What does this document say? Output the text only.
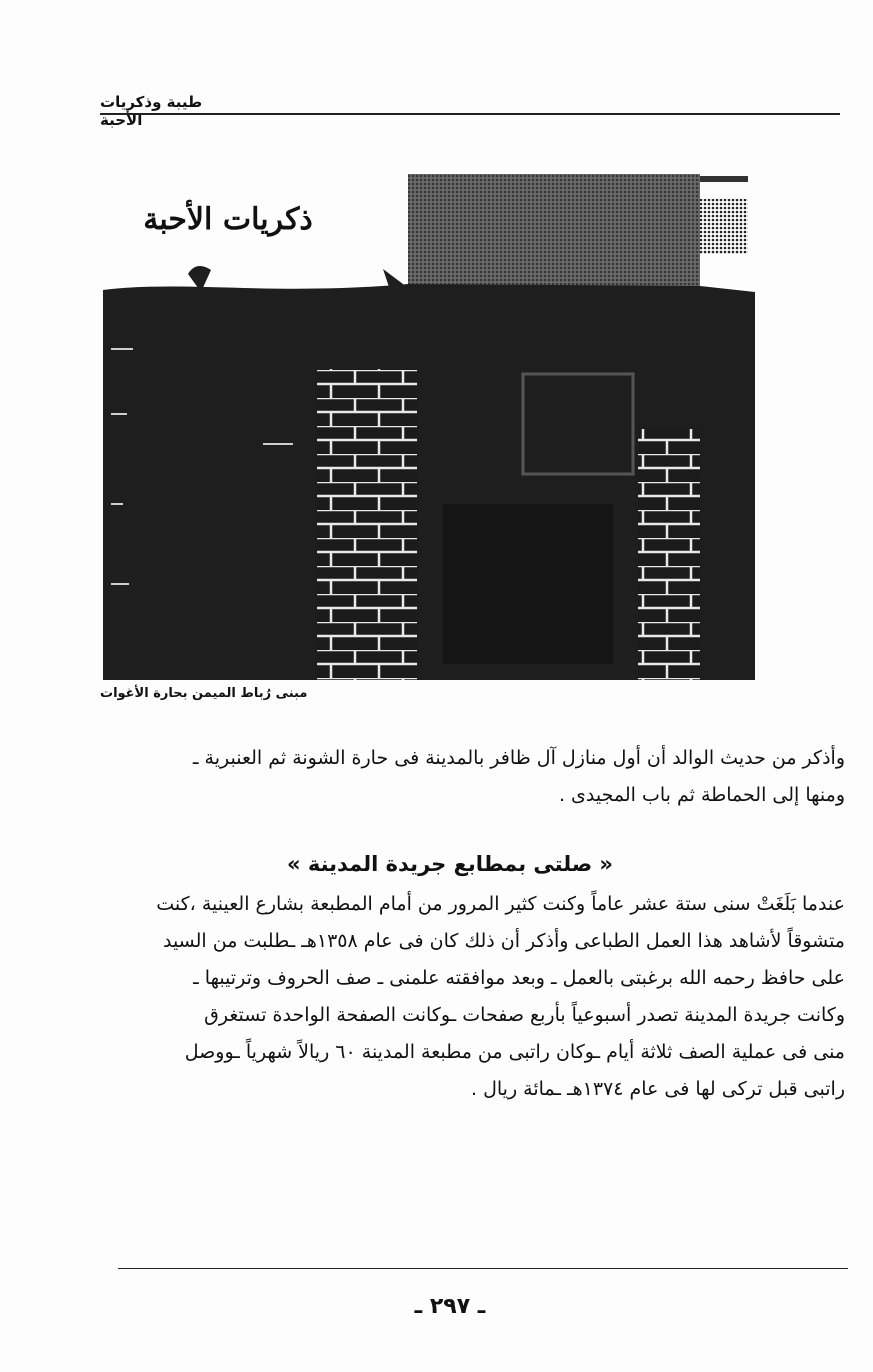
طيبة وذكريات الأحبة
ذكريات الأحبة
مبنى رُباط الميمن بحارة الأغوات
وأذكر من حديث الوالد أن أول منازل آل ظافر بالمدينة فى حارة الشونة ثم العنبرية ـ
ومنها إلى الحماطة ثم باب المجيدى .
« صلتى بمطابع جريدة المدينة »
عندما بَلَغَتْ سنى ستة عشر عاماً وكنت كثير المرور من أمام المطبعة بشارع العينية ،كنت
متشوقاً لأشاهد هذا العمل الطباعى وأذكر أن ذلك كان فى عام ١٣٥٨هـ ـطلبت من السيد
على حافظ رحمه الله برغبتى بالعمل ـ وبعد موافقته علمنى ـ صف الحروف وترتيبها ـ
وكانت جريدة المدينة تصدر أسبوعياً بأربع صفحات ـوكانت الصفحة الواحدة تستغرق
منى فى عملية الصف ثلاثة أيام ـوكان راتبى من مطبعة المدينة ٦٠ ريالاً شهرياً ـووصل
راتبى قبل تركى لها فى عام ١٣٧٤هـ ـمائة ريال .
ـ ٢٩٧ ـ
